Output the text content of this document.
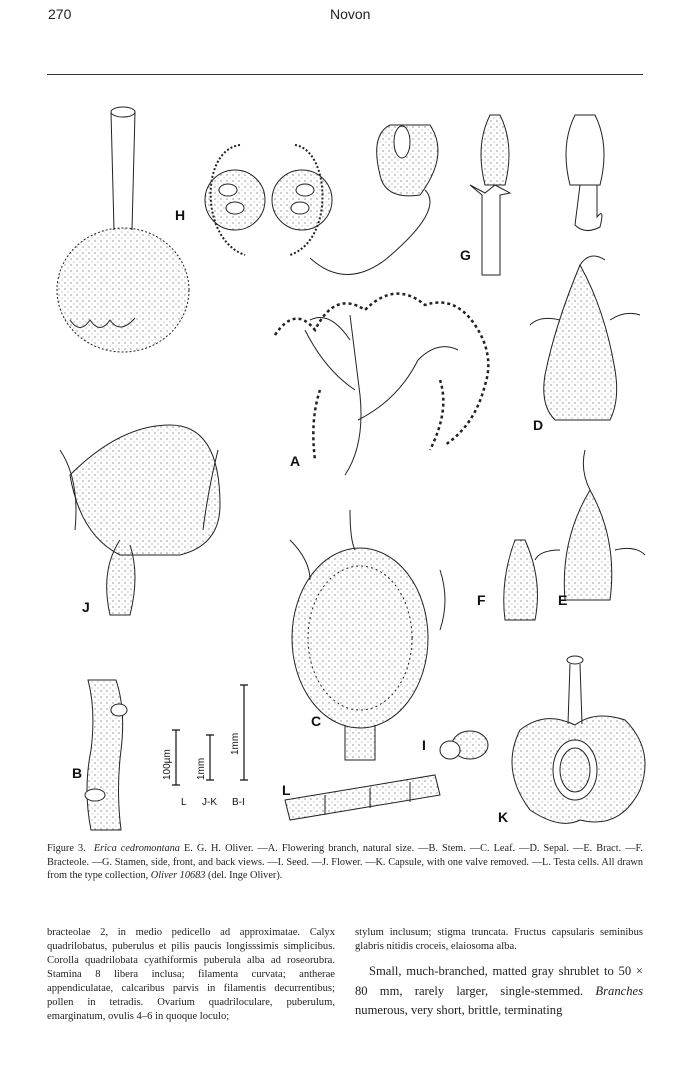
270	Novon
100µm 1mm
1mm
L J-K B-I
H
G
D
A
J	F	E
C
B
I
L
K
Figure 3. Erica cedromontana E. G. H. Oliver. —A. Flowering branch, natural size. —B. Stem. —C. Leaf. —D. Sepal. —E. Bract. —F. Bracteole. —G. Stamen, side, front, and back views. —I. Seed. —J. Flower. —K. Capsule, with one valve removed. —L. Testa cells. All drawn from the type collection, Oliver 10683 (del. Inge Oliver).

bracteolae 2, in medio pedicello ad approximatae. Calyx quadrilobatus, puberulus et pilis paucis longisssimis simplicibus. Corolla quadrilobata cyathiformis puberula alba ad roseorubra. Stamina 8 libera inclusa; filamenta curvata; antherae appendiculatae, calcaribus parvis in filamentis decurrentibus; pollen in tetradis. Ovarium quadriloculare, puberulum, emarginatum, ovulis 4–6 in quoque loculo;

stylum inclusum; stigma truncata. Fructus capsularis seminibus glabris nitidis croceis, elaiosoma alba.

Small, much-branched, matted gray shrublet to 50 × 80 mm, rarely larger, single-stemmed. Branches numerous, very short, brittle, terminating
